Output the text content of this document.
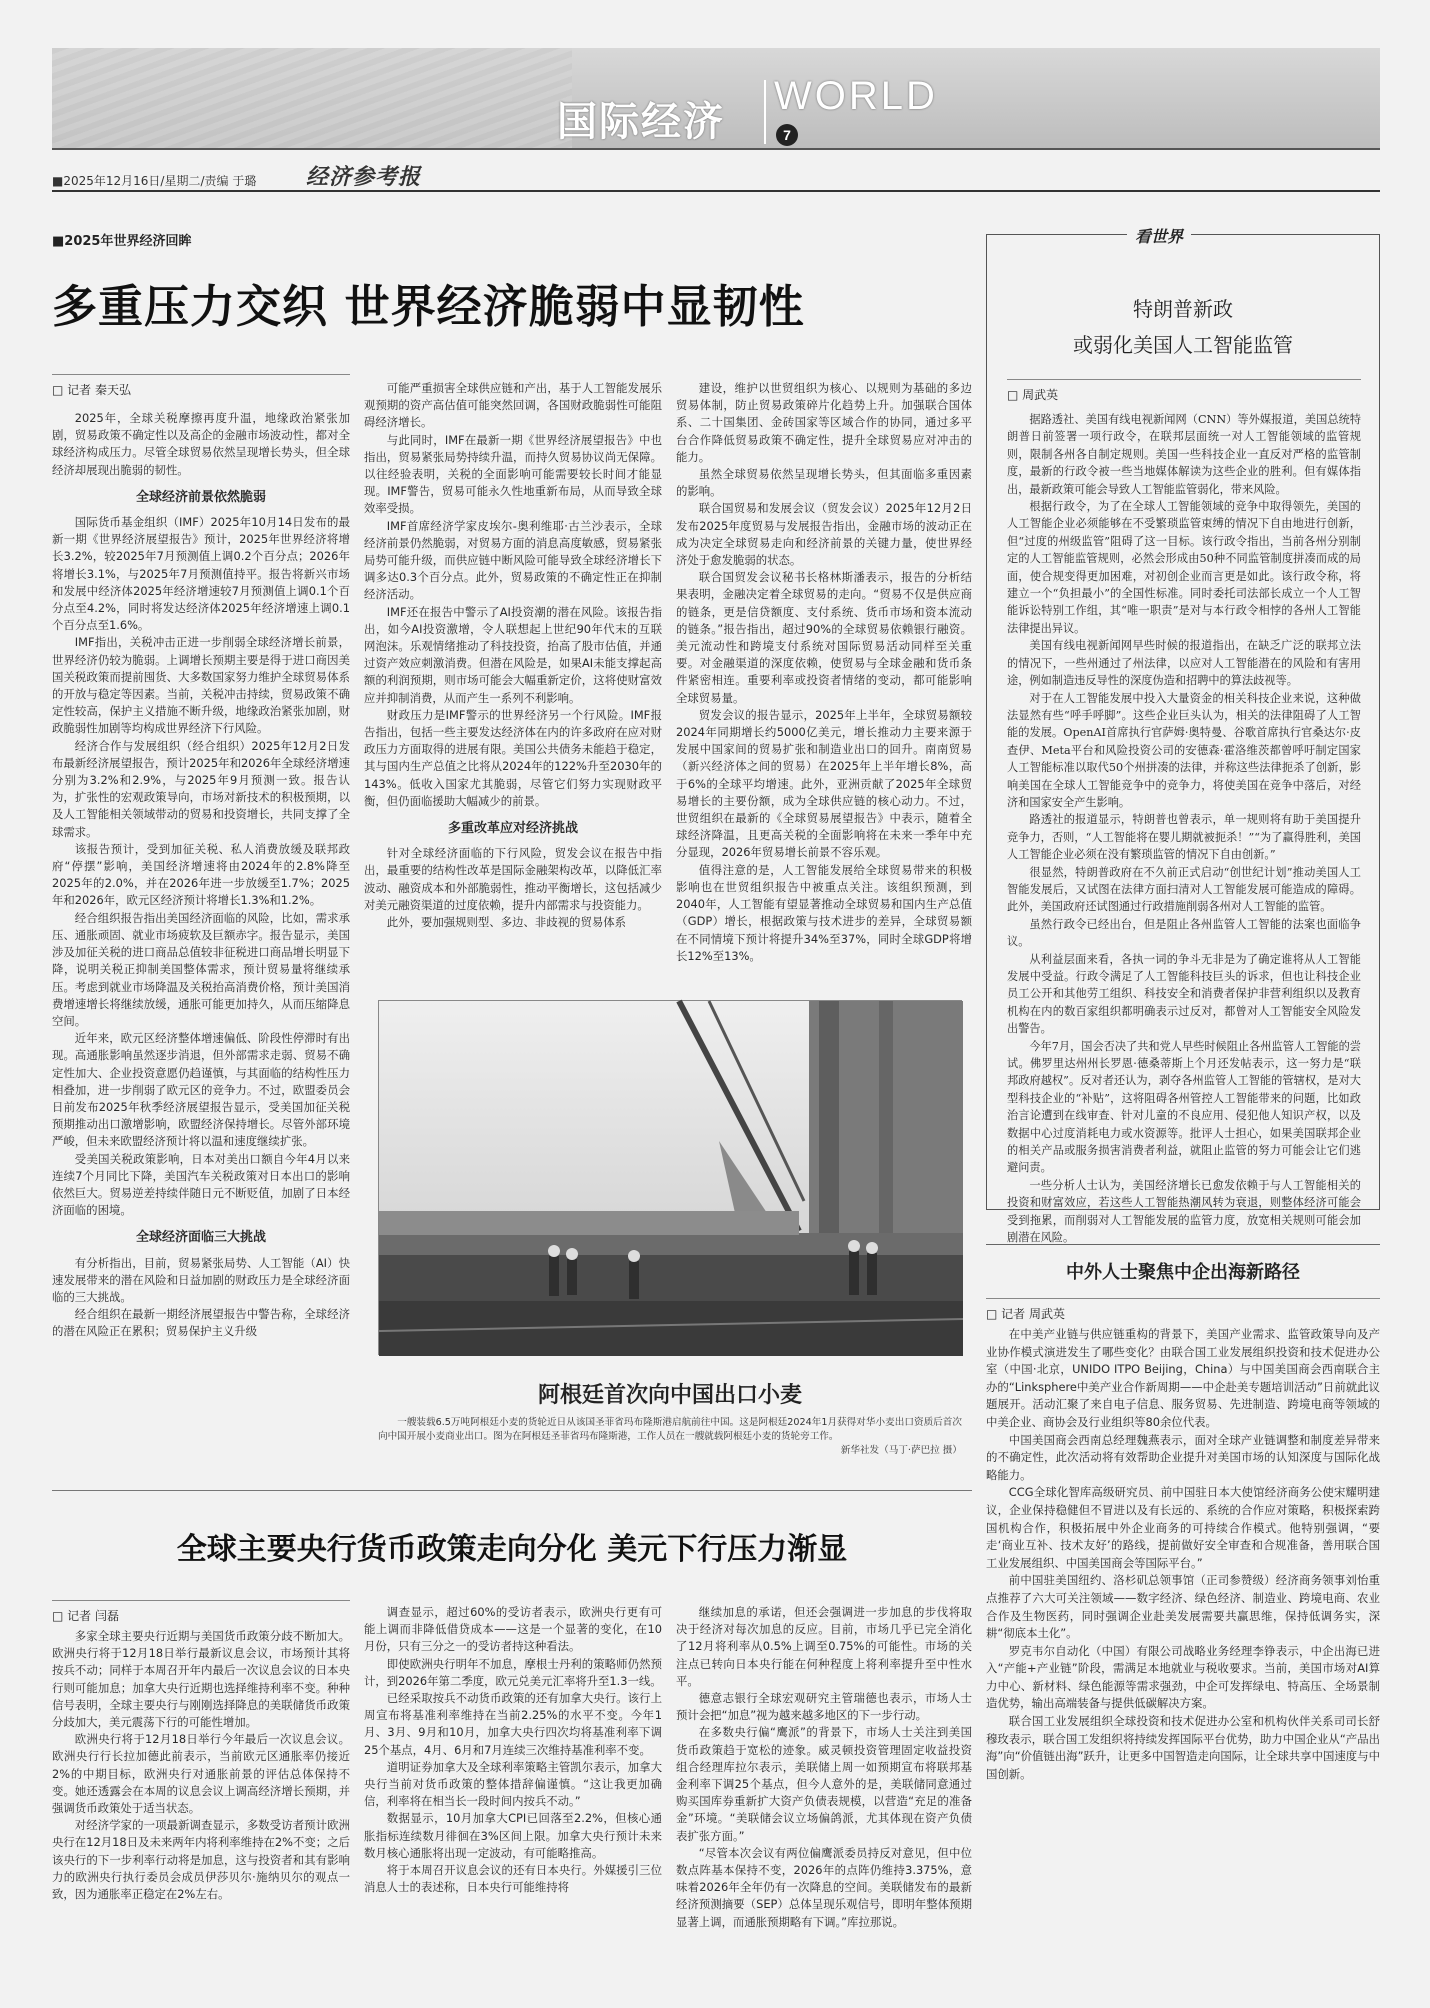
国际经济
WORLD
7
■2025年12月16日/星期二/责编 于璐 经济参考报
■2025年世界经济回眸
多重压力交织 世界经济脆弱中显韧性
□ 记者 秦天弘

2025年，全球关税摩擦再度升温，地缘政治紧张加剧，贸易政策不确定性以及高企的金融市场波动性，都对全球经济构成压力。尽管全球贸易依然呈现增长势头，但全球经济却展现出脆弱的韧性。

全球经济前景依然脆弱

国际货币基金组织（IMF）2025年10月14日发布的最新一期《世界经济展望报告》预计，2025年世界经济将增长3.2%，较2025年7月预测值上调0.2个百分点；2026年将增长3.1%，与2025年7月预测值持平。报告将新兴市场和发展中经济体2025年经济增速较7月预测值上调0.1个百分点至4.2%，同时将发达经济体2025年经济增速上调0.1个百分点至1.6%。

IMF指出，关税冲击正进一步削弱全球经济增长前景，世界经济仍较为脆弱。上调增长预期主要是得于进口商因美国关税政策而提前囤货、大多数国家努力维护全球贸易体系的开放与稳定等因素。当前，关税冲击持续，贸易政策不确定性较高，保护主义措施不断升级，地缘政治紧张加剧，财政脆弱性加剧等均构成世界经济下行风险。

经济合作与发展组织（经合组织）2025年12月2日发布最新经济展望报告，预计2025年和2026年全球经济增速分别为3.2%和2.9%，与2025年9月预测一致。报告认为，扩张性的宏观政策导向，市场对新技术的积极预期，以及人工智能相关领域带动的贸易和投资增长，共同支撑了全球需求。

该报告预计，受到加征关税、私人消费放缓及联邦政府“停摆”影响，美国经济增速将由2024年的2.8%降至2025年的2.0%，并在2026年进一步放缓至1.7%；2025年和2026年，欧元区经济预计将增长1.3%和1.2%。

经合组织报告指出美国经济面临的风险，比如，需求承压、通胀顽固、就业市场疲软及巨额赤字。报告显示，美国涉及加征关税的进口商品总值较非征税进口商品增长明显下降，说明关税正抑制美国整体需求，预计贸易量将继续承压。考虑到就业市场降温及关税抬高消费价格，预计美国消费增速增长将继续放缓，通胀可能更加持久，从而压缩降息空间。

近年来，欧元区经济整体增速偏低、阶段性停滞时有出现。高通胀影响虽然逐步消退，但外部需求走弱、贸易不确定性加大、企业投资意愿仍趋谨慎，与其面临的结构性压力相叠加，进一步削弱了欧元区的竞争力。不过，欧盟委员会日前发布2025年秋季经济展望报告显示，受美国加征关税预期推动出口激增影响，欧盟经济保持增长。尽管外部环境严峻，但未来欧盟经济预计将以温和速度继续扩张。

受美国关税政策影响，日本对美出口额自今年4月以来连续7个月同比下降，美国汽车关税政策对日本出口的影响依然巨大。贸易逆差持续伴随日元不断贬值，加剧了日本经济面临的困境。

全球经济面临三大挑战

有分析指出，目前，贸易紧张局势、人工智能（AI）快速发展带来的潜在风险和日益加剧的财政压力是全球经济面临的三大挑战。

经合组织在最新一期经济展望报告中警告称，全球经济的潜在风险正在累积；贸易保护主义升级

可能严重损害全球供应链和产出，基于人工智能发展乐观预期的资产高估值可能突然回调，各国财政脆弱性可能阻碍经济增长。

与此同时，IMF在最新一期《世界经济展望报告》中也指出，贸易紧张局势持续升温，而持久贸易协议尚无保障。以往经验表明，关税的全面影响可能需要较长时间才能显现。IMF警告，贸易可能永久性地重新布局，从而导致全球效率受损。

IMF首席经济学家皮埃尔-奥利维耶·古兰沙表示，全球经济前景仍然脆弱，对贸易方面的消息高度敏感，贸易紧张局势可能升级，而供应链中断风险可能导致全球经济增长下调多达0.3个百分点。此外，贸易政策的不确定性正在抑制经济活动。

IMF还在报告中警示了AI投资潮的潜在风险。该报告指出，如今AI投资激增，令人联想起上世纪90年代末的互联网泡沫。乐观情绪推动了科技投资，抬高了股市估值，并通过资产效应刺激消费。但潜在风险是，如果AI未能支撑起高额的利润预期，则市场可能会大幅重新定价，这将使财富效应并抑制消费，从而产生一系列不利影响。

财政压力是IMF警示的世界经济另一个行风险。IMF报告指出，包括一些主要发达经济体在内的许多政府在应对财政压力方面取得的进展有限。美国公共债务未能趋于稳定，其与国内生产总值之比将从2024年的122%升至2030年的143%。低收入国家尤其脆弱，尽管它们努力实现财政平衡，但仍面临援助大幅减少的前景。

多重改革应对经济挑战

针对全球经济面临的下行风险，贸发会议在报告中指出，最重要的结构性改革是国际金融架构改革，以降低汇率波动、融资成本和外部脆弱性，推动平衡增长，这包括减少对美元融资渠道的过度依赖，提升内部需求与投资能力。

此外，要加强规则型、多边、非歧视的贸易体系

建设，维护以世贸组织为核心、以规则为基础的多边贸易体制，防止贸易政策碎片化趋势上升。加强联合国体系、二十国集团、金砖国家等区域合作的协同，通过多平台合作降低贸易政策不确定性，提升全球贸易应对冲击的能力。

虽然全球贸易依然呈现增长势头，但其面临多重因素的影响。

联合国贸易和发展会议（贸发会议）2025年12月2日发布2025年度贸易与发展报告指出，金融市场的波动正在成为决定全球贸易走向和经济前景的关键力量，使世界经济处于愈发脆弱的状态。

联合国贸发会议秘书长格林斯潘表示，报告的分析结果表明，金融决定着全球贸易的走向。“贸易不仅是供应商的链条，更是信贷额度、支付系统、货币市场和资本流动的链条。”报告指出，超过90%的全球贸易依赖银行融资。美元流动性和跨境支付系统对国际贸易活动同样至关重要。对金融渠道的深度依赖，使贸易与全球金融和货币条件紧密相连。重要利率或投资者情绪的变动，都可能影响全球贸易量。

贸发会议的报告显示，2025年上半年，全球贸易额较2024年同期增长约5000亿美元，增长推动力主要来源于发展中国家间的贸易扩张和制造业出口的回升。南南贸易（新兴经济体之间的贸易）在2025年上半年增长8%，高于6%的全球平均增速。此外，亚洲贡献了2025年全球贸易增长的主要份额，成为全球供应链的核心动力。不过，世贸组织在最新的《全球贸易展望报告》中表示，随着全球经济降温，且更高关税的全面影响将在未来一季年中充分显现，2026年贸易增长前景不容乐观。

值得注意的是，人工智能发展给全球贸易带来的积极影响也在世贸组织报告中被重点关注。该组织预测，到2040年，人工智能有望显著推动全球贸易和国内生产总值（GDP）增长，根据政策与技术进步的差异，全球贸易额在不同情境下预计将提升34%至37%，同时全球GDP将增长12%至13%。

阿根廷首次向中国出口小麦
一艘装载6.5万吨阿根廷小麦的货轮近日从该国圣菲省玛布隆斯港启航前往中国。这是阿根廷2024年1月获得对华小麦出口资质后首次向中国开展小麦商业出口。图为在阿根廷圣菲省玛布隆斯港，工作人员在一艘就载阿根廷小麦的货轮旁工作。
新华社发（马丁·萨巴拉 摄）
看世界
特朗普新政
或弱化美国人工智能监管
□ 周武英

据路透社、美国有线电视新闻网（CNN）等外媒报道，美国总统特朗普日前签署一项行政令，在联邦层面统一对人工智能领域的监管规则，限制各州各自制定规则。美国一些科技企业一直反对严格的监管制度，最新的行政令被一些当地媒体解读为这些企业的胜利。但有媒体指出，最新政策可能会导致人工智能监管弱化，带来风险。

根据行政令，为了在全球人工智能领域的竞争中取得领先，美国的人工智能企业必须能够在不受繁琐监管束缚的情况下自由地进行创新，但“过度的州级监管”阻碍了这一目标。该行政令指出，当前各州分别制定的人工智能监管规则，必然会形成由50种不同监管制度拼凑而成的局面，使合规变得更加困难，对初创企业而言更是如此。该行政令称，将建立一个“负担最小”的全国性标准。同时委托司法部长成立一个人工智能诉讼特别工作组，其“唯一职责”是对与本行政令相悖的各州人工智能法律提出异议。

美国有线电视新闻网早些时候的报道指出，在缺乏广泛的联邦立法的情况下，一些州通过了州法律，以应对人工智能潜在的风险和有害用途，例如制造违反导性的深度伪造和招聘中的算法歧视等。

对于在人工智能发展中投入大量资金的相关科技企业来说，这种做法显然有些“呼手呼脚”。这些企业巨头认为，相关的法律阻碍了人工智能的发展。OpenAI首席执行官萨姆·奥特曼、谷歌首席执行官桑达尔·皮查伊、Meta平台和风险投资公司的安德森·霍洛维茨都曾呼吁制定国家人工智能标准以取代50个州拼凑的法律，并称这些法律扼杀了创新，影响美国在全球人工智能竞争中的竞争力，将使美国在竞争中落后，对经济和国家安全产生影响。

路透社的报道显示，特朗普也曾表示，单一规则将有助于美国提升竞争力，否则，“人工智能将在婴儿期就被扼杀！”“为了赢得胜利，美国人工智能企业必须在没有繁琐监管的情况下自由创新。”

很显然，特朗普政府在不久前正式启动“创世纪计划”推动美国人工智能发展后，又试图在法律方面扫清对人工智能发展可能造成的障碍。此外，美国政府还试图通过行政措施削弱各州对人工智能的监管。

虽然行政令已经出台，但是阻止各州监管人工智能的法案也面临争议。

从利益层面来看，各执一词的争斗无非是为了确定谁将从人工智能发展中受益。行政令满足了人工智能科技巨头的诉求，但也让科技企业员工公开和其他劳工组织、科技安全和消费者保护非营利组织以及教育机构在内的数百家组织都明确表示过反对，都曾对人工智能安全风险发出警告。

今年7月，国会否决了共和党人早些时候阻止各州监管人工智能的尝试。佛罗里达州州长罗恩·德桑蒂斯上个月还发帖表示，这一努力是“联邦政府越权”。反对者还认为，剥夺各州监管人工智能的管辖权，是对大型科技企业的“补贴”，这将阻碍各州管控人工智能带来的问题，比如政治言论遭到在线审查、针对儿童的不良应用、侵犯他人知识产权，以及数据中心过度消耗电力或水资源等。批评人士担心，如果美国联邦企业的相关产品或服务损害消费者利益，就阻止监管的努力可能会让它们逃避问责。

一些分析人士认为，美国经济增长已愈发依赖于与人工智能相关的投资和财富效应，若这些人工智能热潮风转为衰退，则整体经济可能会受到拖累，而削弱对人工智能发展的监管力度，放宽相关规则可能会加剧潜在风险。

中外人士聚焦中企出海新路径
□ 记者 周武英

在中美产业链与供应链重构的背景下，美国产业需求、监管政策导向及产业协作模式演进发生了哪些变化？由联合国工业发展组织投资和技术促进办公室（中国·北京，UNIDO ITPO Beijing，China）与中国美国商会西南联合主办的“Linksphere中美产业合作新周期——中企赴美专题培训活动”日前就此议题展开。活动汇聚了来自电子信息、服务贸易、先进制造、跨境电商等领域的中美企业、商协会及行业组织等80余位代表。

中国美国商会西南总经理魏燕表示，面对全球产业链调整和制度差异带来的不确定性，此次活动将有效帮助企业提升对美国市场的认知深度与国际化战略能力。

CCG全球化智库高级研究员、前中国驻日本大使馆经济商务公使宋耀明建议，企业保持稳健但不冒进以及有长远的、系统的合作应对策略，积极探索跨国机构合作，积极拓展中外企业商务的可持续合作模式。他特别强调，“要走‘商业互补、技术友好’的路线，提前做好安全审查和合规准备，善用联合国工业发展组织、中国美国商会等国际平台。”

前中国驻美国纽约、洛杉矶总领事馆（正司参赞级）经济商务领事刘怡重点推荐了六大可关注领域——数字经济、绿色经济、制造业、跨境电商、农业合作及生物医药，同时强调企业赴美发展需要共赢思维，保持低调务实，深耕“彻底本土化”。

罗克韦尔自动化（中国）有限公司战略业务经理李铮表示，中企出海已进入“产能+产业链”阶段，需满足本地就业与税收要求。当前，美国市场对AI算力中心、新材料、绿色能源等需求强劲，中企可发挥绿电、特高压、全场景制造优势，输出高端装备与提供低碳解决方案。

联合国工业发展组织全球投资和技术促进办公室和机构伙伴关系司司长舒穆玫表示，联合国工发组织将持续发挥国际平台优势，助力中国企业从“产品出海”向“价值链出海”跃升，让更多中国智造走向国际，让全球共享中国速度与中国创新。

全球主要央行货币政策走向分化 美元下行压力渐显
□ 记者 闫磊

多家全球主要央行近期与美国货币政策分歧不断加大。欧洲央行将于12月18日举行最新议息会议，市场预计其将按兵不动；同样于本周召开年内最后一次议息会议的日本央行则可能加息；加拿大央行近期也选择维持利率不变。种种信号表明，全球主要央行与刚刚选择降息的美联储货币政策分歧加大，美元震荡下行的可能性增加。

欧洲央行将于12月18日举行今年最后一次议息会议。欧洲央行行长拉加德此前表示，当前欧元区通胀率仍接近2%的中期目标，欧洲央行对通胀前景的评估总体保持不变。她还透露会在本周的议息会议上调高经济增长预期，并强调货币政策处于适当状态。

对经济学家的一项最新调查显示，多数受访者预计欧洲央行在12月18日及未来两年内将利率维持在2%不变；之后该央行的下一步利率行动将是加息，这与投资者和其有影响力的欧洲央行执行委员会成员伊莎贝尔·施纳贝尔的观点一致，因为通胀率正稳定在2%左右。

调查显示，超过60%的受访者表示，欧洲央行更有可能上调而非降低借贷成本——这是一个显著的变化，在10月份，只有三分之一的受访者持这种看法。

即使欧洲央行明年不加息，摩根士丹利的策略师仍然预计，到2026年第二季度，欧元兑美元汇率将升至1.3一线。

已经采取按兵不动货币政策的还有加拿大央行。该行上周宣布将基准利率维持在当前2.25%的水平不变。今年1月、3月、9月和10月，加拿大央行四次均将基准利率下调25个基点，4月、6月和7月连续三次维持基准利率不变。

道明证券加拿大及全球利率策略主管凯尔表示，加拿大央行当前对货币政策的整体措辞偏谨慎。“这让我更加确信，利率将在相当长一段时间内按兵不动。”

数据显示，10月加拿大CPI已回落至2.2%，但核心通胀指标连续数月徘徊在3%区间上限。加拿大央行预计未来数月核心通胀将出现一定波动，有可能略推高。

将于本周召开议息会议的还有日本央行。外媒援引三位消息人士的表述称，日本央行可能维持将

继续加息的承诺，但还会强调进一步加息的步伐将取决于经济对每次加息的反应。目前，市场几乎已完全消化了12月将利率从0.5%上调至0.75%的可能性。市场的关注点已转向日本央行能在何种程度上将利率提升至中性水平。

德意志银行全球宏观研究主管瑞德也表示，市场人士预计会把“加息”视为越来越多地区的下一步行动。

在多数央行偏“鹰派”的背景下，市场人士关注到美国货币政策趋于宽松的迹象。威灵顿投资管理固定收益投资组合经理库拉尔表示，美联储上周一如预期宣布将联邦基金利率下调25个基点，但今人意外的是，美联储同意通过购买国库券重新扩大资产负债表规模，以营造“充足的准备金”环境。“美联储会议立场偏鸽派，尤其体现在资产负债表扩张方面。”

“尽管本次会议有两位偏鹰派委员持反对意见，但中位数点阵基本保持不变，2026年的点阵仍维持3.375%，意味着2026年全年仍有一次降息的空间。美联储发布的最新经济预测摘要（SEP）总体呈现乐观信号，即明年整体预期显著上调，而通胀预期略有下调。”库拉那说。
